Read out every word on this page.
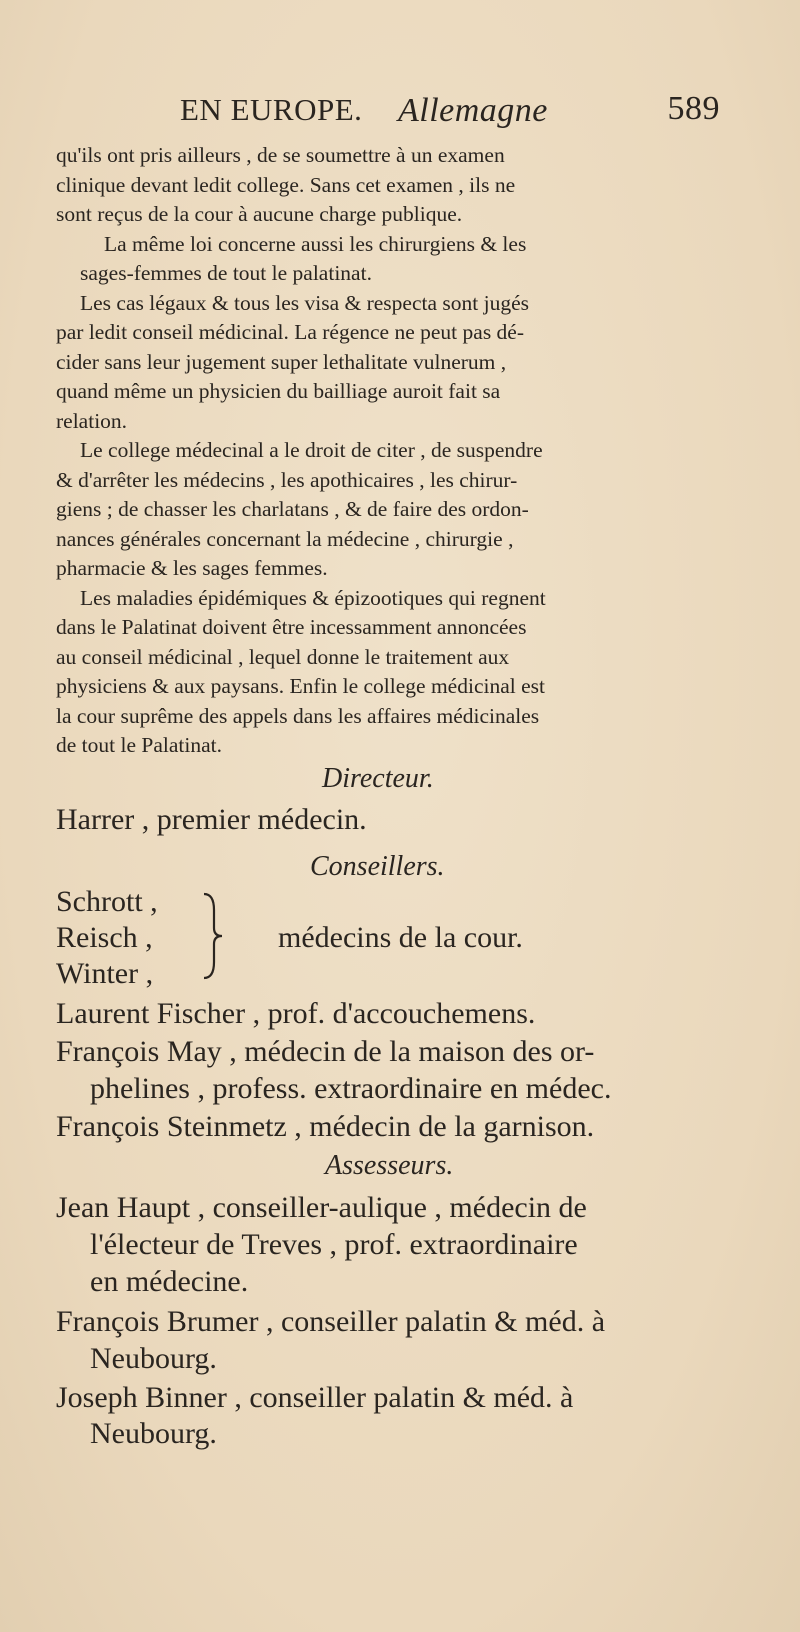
EN EUROPE. Allemagne	589

qu'ils ont pris ailleurs , de se soumettre à un examen
clinique devant ledit college. Sans cet examen , ils ne
sont reçus de la cour à aucune charge publique.

La même loi concerne aussi les chirurgiens & les
sages-femmes de tout le palatinat.

Les cas légaux & tous les visa & respecta sont jugés
par ledit conseil médicinal. La régence ne peut pas dé-
cider sans leur jugement super lethalitate vulnerum ,
quand même un physicien du bailliage auroit fait sa
relation.

Le college médecinal a le droit de citer , de suspendre
& d'arrêter les médecins , les apothicaires , les chirur-
giens ; de chasser les charlatans , & de faire des ordon-
nances générales concernant la médecine , chirurgie ,
pharmacie & les sages femmes.

Les maladies épidémiques & épizootiques qui regnent
dans le Palatinat doivent être incessamment annoncées
au conseil médicinal , lequel donne le traitement aux
physiciens & aux paysans. Enfin le college médicinal est
la cour suprême des appels dans les affaires médicinales
de tout le Palatinat.

Directeur.
Harrer , premier médecin.
Conseillers.
Schrott ,
Reisch ,
Winter ,
médecins de la cour.
Laurent Fischer , prof. d'accouchemens.
François May , médecin de la maison des or-
phelines , profess. extraordinaire en médec.
François Steinmetz , médecin de la garnison.
Assesseurs.
Jean Haupt , conseiller-aulique , médecin de
l'électeur de Treves , prof. extraordinaire
en médecine.
François Brumer , conseiller palatin & méd. à
Neubourg.
Joseph Binner , conseiller palatin & méd. à
Neubourg.
